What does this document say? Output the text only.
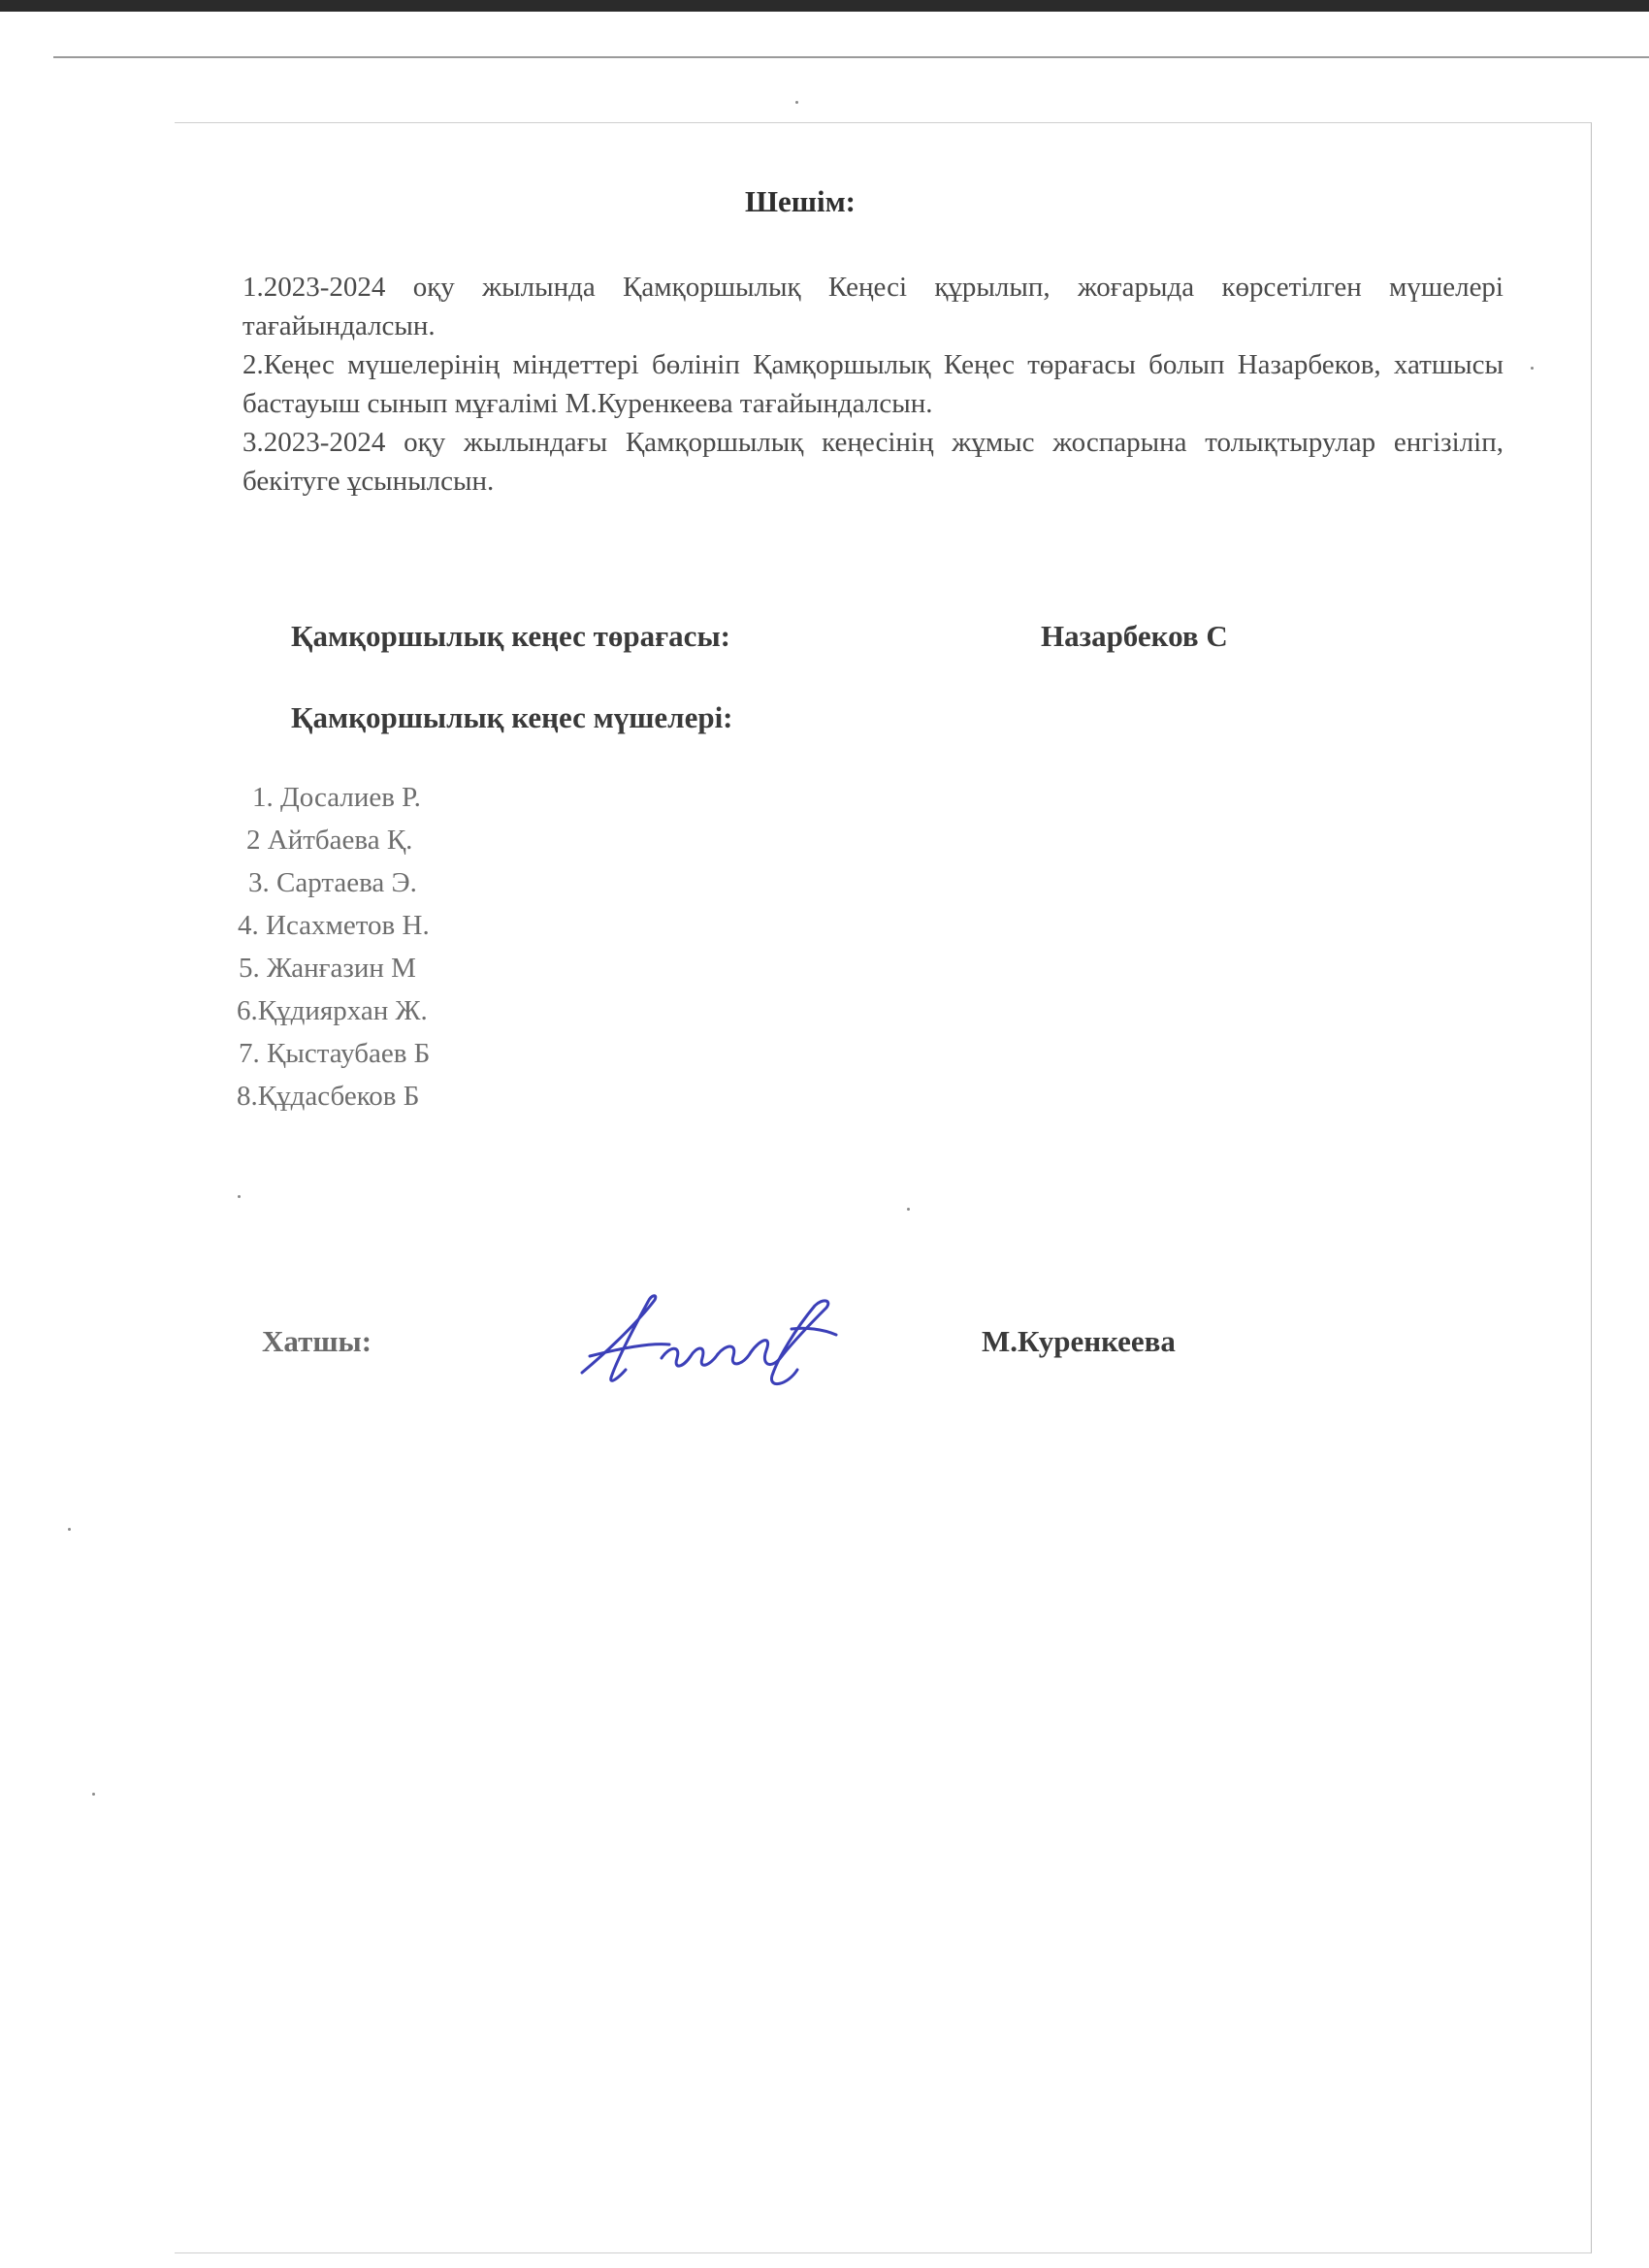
Шешім:

1.2023-2024 оқу жылында Қамқоршылық Кеңесі құрылып, жоғарыда көрсетілген мүшелері тағайындалсын.

2.Кеңес мүшелерінің міндеттері бөлініп Қамқоршылық Кеңес төрағасы болып Назарбеков, хатшысы бастауыш сынып мұғалімі М.Куренкеева тағайындалсын.

3.2023-2024 оқу жылындағы Қамқоршылық кеңесінің жұмыс жоспарына толықтырулар енгізіліп, бекітуге ұсынылсын.

Қамқоршылық кеңес төрағасы:	Назарбеков С
Қамқоршылық кеңес мүшелері:
1. Досалиев Р.
2 Айтбаева Қ.
3. Сартаева Э.
4. Исахметов Н.
5. Жанғазин М
6.Құдиярхан Ж.
7. Қыстаубаев Б
8.Құдасбеков Б
Хатшы:	М.Куренкеева
